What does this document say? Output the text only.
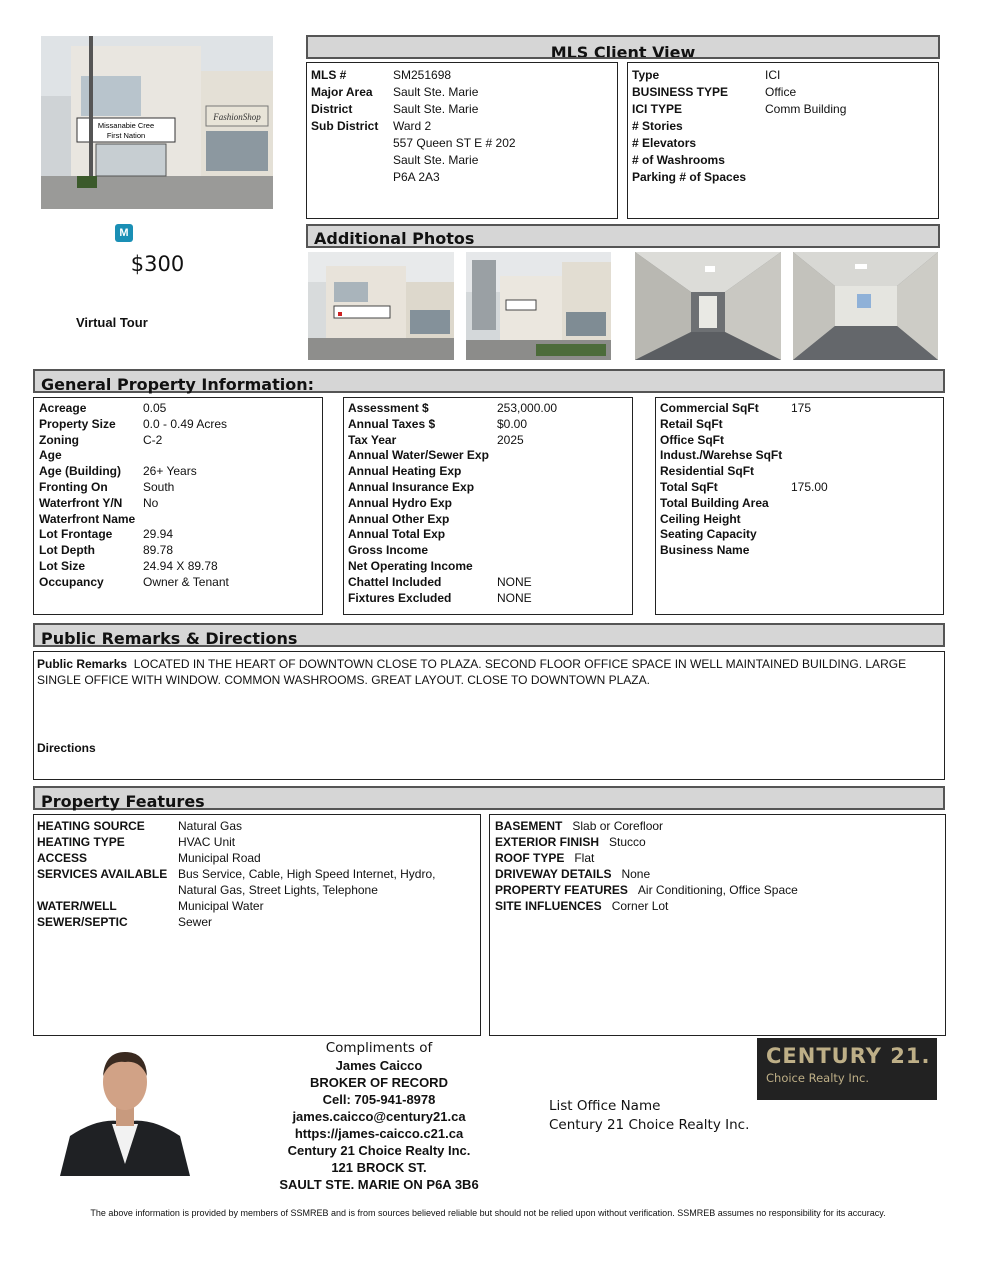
Missanabie Cree
First Nation
FashionShop
M
$300
Virtual Tour
MLS Client View
MLS #	SM251698
Major Area	Sault Ste. Marie
District	Sault Ste. Marie
Sub District	Ward 2
557 Queen ST E # 202
Sault Ste. Marie
P6A 2A3
Type	ICI
BUSINESS TYPE	Office
ICI TYPE	Comm Building
# Stories
# Elevators
# of Washrooms
Parking # of Spaces
Additional Photos
General Property Information:
Acreage	0.05
Property Size	0.0 - 0.49 Acres
Zoning	C-2
Age
Age (Building)	26+ Years
Fronting On	South
Waterfront Y/N	No
Waterfront Name
Lot Frontage	29.94
Lot Depth	89.78
Lot Size	24.94 X 89.78
Occupancy	Owner & Tenant
Assessment $	253,000.00
Annual Taxes $	$0.00
Tax Year	2025
Annual Water/Sewer Exp
Annual Heating Exp
Annual Insurance Exp
Annual Hydro Exp
Annual Other Exp
Annual Total Exp
Gross Income
Net Operating Income
Chattel Included	NONE
Fixtures Excluded	NONE
Commercial SqFt	175
Retail SqFt
Office SqFt
Indust./Warehse SqFt
Residential SqFt
Total SqFt	175.00
Total Building Area
Ceiling Height
Seating Capacity
Business Name
Public Remarks & Directions
Public Remarks LOCATED IN THE HEART OF DOWNTOWN CLOSE TO PLAZA. SECOND FLOOR OFFICE SPACE IN WELL MAINTAINED BUILDING. LARGE SINGLE OFFICE WITH WINDOW. COMMON WASHROOMS. GREAT LAYOUT. CLOSE TO DOWNTOWN PLAZA.
Directions
Property Features
HEATING SOURCE	Natural Gas
HEATING TYPE	HVAC Unit
ACCESS	Municipal Road
SERVICES AVAILABLE Bus Service, Cable, High Speed Internet, Hydro, Natural Gas, Street Lights, Telephone
WATER/WELL	Municipal Water
SEWER/SEPTIC	Sewer
BASEMENT Slab or Corefloor
EXTERIOR FINISH Stucco
ROOF TYPE Flat
DRIVEWAY DETAILS None
PROPERTY FEATURES Air Conditioning, Office Space
SITE INFLUENCES Corner Lot
Compliments of
James Caicco
BROKER OF RECORD
Cell: 705-941-8978
james.caicco@century21.ca
https://james-caicco.c21.ca
Century 21 Choice Realty Inc.
121 BROCK ST.
SAULT STE. MARIE ON P6A 3B6
List Office Name
Century 21 Choice Realty Inc.
CENTURY 21.
Choice Realty Inc.
The above information is provided by members of SSMREB and is from sources believed reliable but should not be relied upon without verification. SSMREB assumes no responsibility for its accuracy.
